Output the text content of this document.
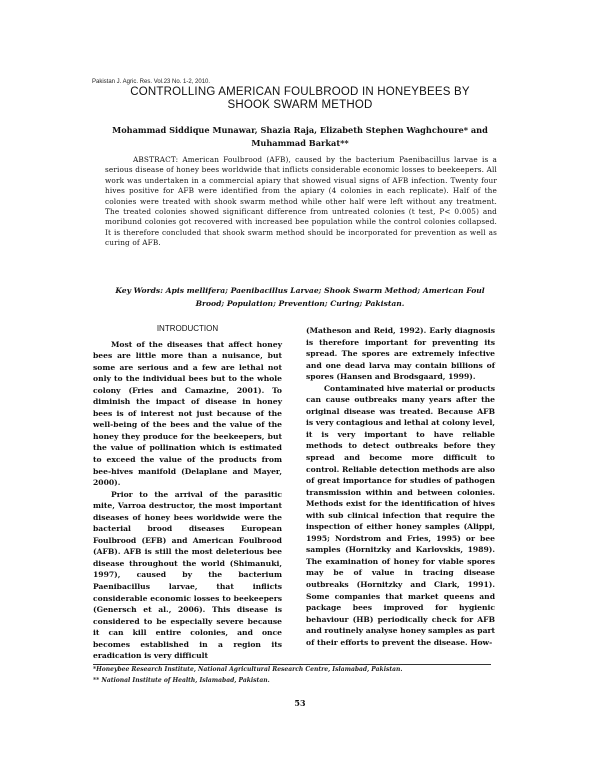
Pakistan J. Agric. Res. Vol.23 No. 1-2, 2010.
CONTROLLING AMERICAN FOULBROOD IN HONEYBEES BY
SHOOK SWARM METHOD
Mohammad Siddique Munawar, Shazia Raja, Elizabeth Stephen Waghchoure* and
Muhammad Barkat**
ABSTRACT: American Foulbrood (AFB), caused by the bacterium Paenibacillus larvae is a serious disease of honey bees worldwide that inflicts considerable economic losses to beekeepers. All work was undertaken in a commercial apiary that showed visual signs of AFB infection. Twenty four hives positive for AFB were identified from the apiary (4 colonies in each replicate). Half of the colonies were treated with shook swarm method while other half were left without any treatment. The treated colonies showed significant difference from untreated colonies (t test, P< 0.005) and moribund colonies got recovered with increased bee population while the control colonies collapsed. It is therefore concluded that shook swarm method should be incorporated for prevention as well as curing of AFB.
Key Words: Apis mellifera; Paenibacillus Larvae; Shook Swarm Method; American Foul
Brood; Population; Prevention; Curing; Pakistan.
INTRODUCTION

Most of the diseases that affect honey bees are little more than a nuisance, but some are serious and a few are lethal not only to the individual bees but to the whole colony (Fries and Camazine, 2001). To diminish the impact of disease in honey bees is of interest not just because of the well-being of the bees and the value of the honey they produce for the beekeepers, but the value of pollination which is estimated to exceed the value of the products from bee-hives manifold (Delaplane and Mayer, 2000).

Prior to the arrival of the parasitic mite, Varroa destructor, the most important diseases of honey bees worldwide were the bacterial brood diseases European Foulbrood (EFB) and American Foulbrood (AFB). AFB is still the most deleterious bee disease throughout the world (Shimanuki, 1997), caused by the bacterium Paenibacillus larvae, that inflicts considerable economic losses to beekeepers (Genersch et al., 2006). This disease is considered to be especially severe because it can kill entire colonies, and once becomes established in a region its eradication is very difficult

(Matheson and Reid, 1992). Early diagnosis is therefore important for preventing its spread. The spores are extremely infective and one dead larva may contain billions of spores (Hansen and Brodsgaard, 1999).

Contaminated hive material or products can cause outbreaks many years after the original disease was treated. Because AFB is very contagious and lethal at colony level, it is very important to have reliable methods to detect outbreaks before they spread and become more difficult to control. Reliable detection methods are also of great importance for studies of pathogen transmission within and between colonies. Methods exist for the identification of hives with sub clinical infection that require the inspection of either honey samples (Alippi, 1995; Nordstrom and Fries, 1995) or bee samples (Hornitzky and Karlovskis, 1989). The examination of honey for viable spores may be of value in tracing disease outbreaks (Hornitzky and Clark, 1991). Some companies that market queens and package bees improved for hygienic behaviour (HB) periodically check for AFB and routinely analyse honey samples as part of their efforts to prevent the disease. How-

*Honeybee Research Institute, National Agricultural Research Centre, Islamabad, Pakistan.
** National Institute of Health, Islamabad, Pakistan.
53
